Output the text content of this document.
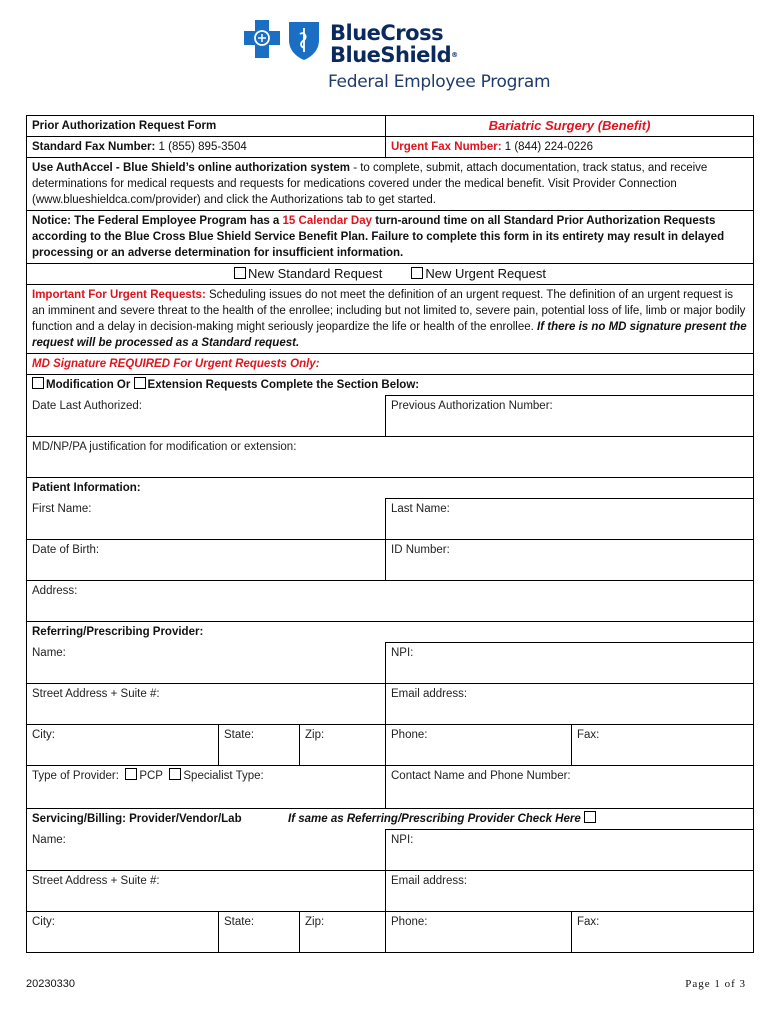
BlueCross
BlueShield®
Federal Employee Program
Prior Authorization Request Form			Bariatric Surgery (Benefit)	
Standard Fax Number: 1 (855) 895-3504			Urgent Fax Number: 1 (844) 224-0226	
Use AuthAccel - Blue Shield’s online authorization system - to complete, submit, attach documentation, track status, and receive determinations for medical requests and requests for medications covered under the medical benefit. Visit Provider Connection (www.blueshieldca.com/provider) and click the Authorizations tab to get started.				
Notice: The Federal Employee Program has a 15 Calendar Day turn-around time on all Standard Prior Authorization Requests according to the Blue Cross Blue Shield Service Benefit Plan. Failure to complete this form in its entirety may result in delayed processing or an adverse determination for insufficient information.				
New Standard Request New Urgent Request				
Important For Urgent Requests: Scheduling issues do not meet the definition of an urgent request. The definition of an urgent request is an imminent and severe threat to the health of the enrollee; including but not limited to, severe pain, potential loss of life, limb or major bodily function and a delay in decision-making might seriously jeopardize the life or health of the enrollee. If there is no MD signature present the request will be processed as a Standard request.				
MD Signature REQUIRED For Urgent Requests Only:				
Modification Or Extension Requests Complete the Section Below:				
Date Last Authorized:			Previous Authorization Number:	
MD/NP/PA justification for modification or extension:				
Patient Information:				
First Name:			Last Name:	
Date of Birth:			ID Number:	
Address:				
Referring/Prescribing Provider:				
Name:			NPI:	
Street Address + Suite #:			Email address:	
City:	State:	Zip:	Phone:	Fax:
Type of Provider: PCP Specialist Type:			Contact Name and Phone Number:	
Servicing/Billing: Provider/Vendor/Lab If same as Referring/Prescribing Provider Check Here				
Name:			NPI:	
Street Address + Suite #:			Email address:	
City:	State:	Zip:	Phone:	Fax:
20230330	Page 1 of 3
